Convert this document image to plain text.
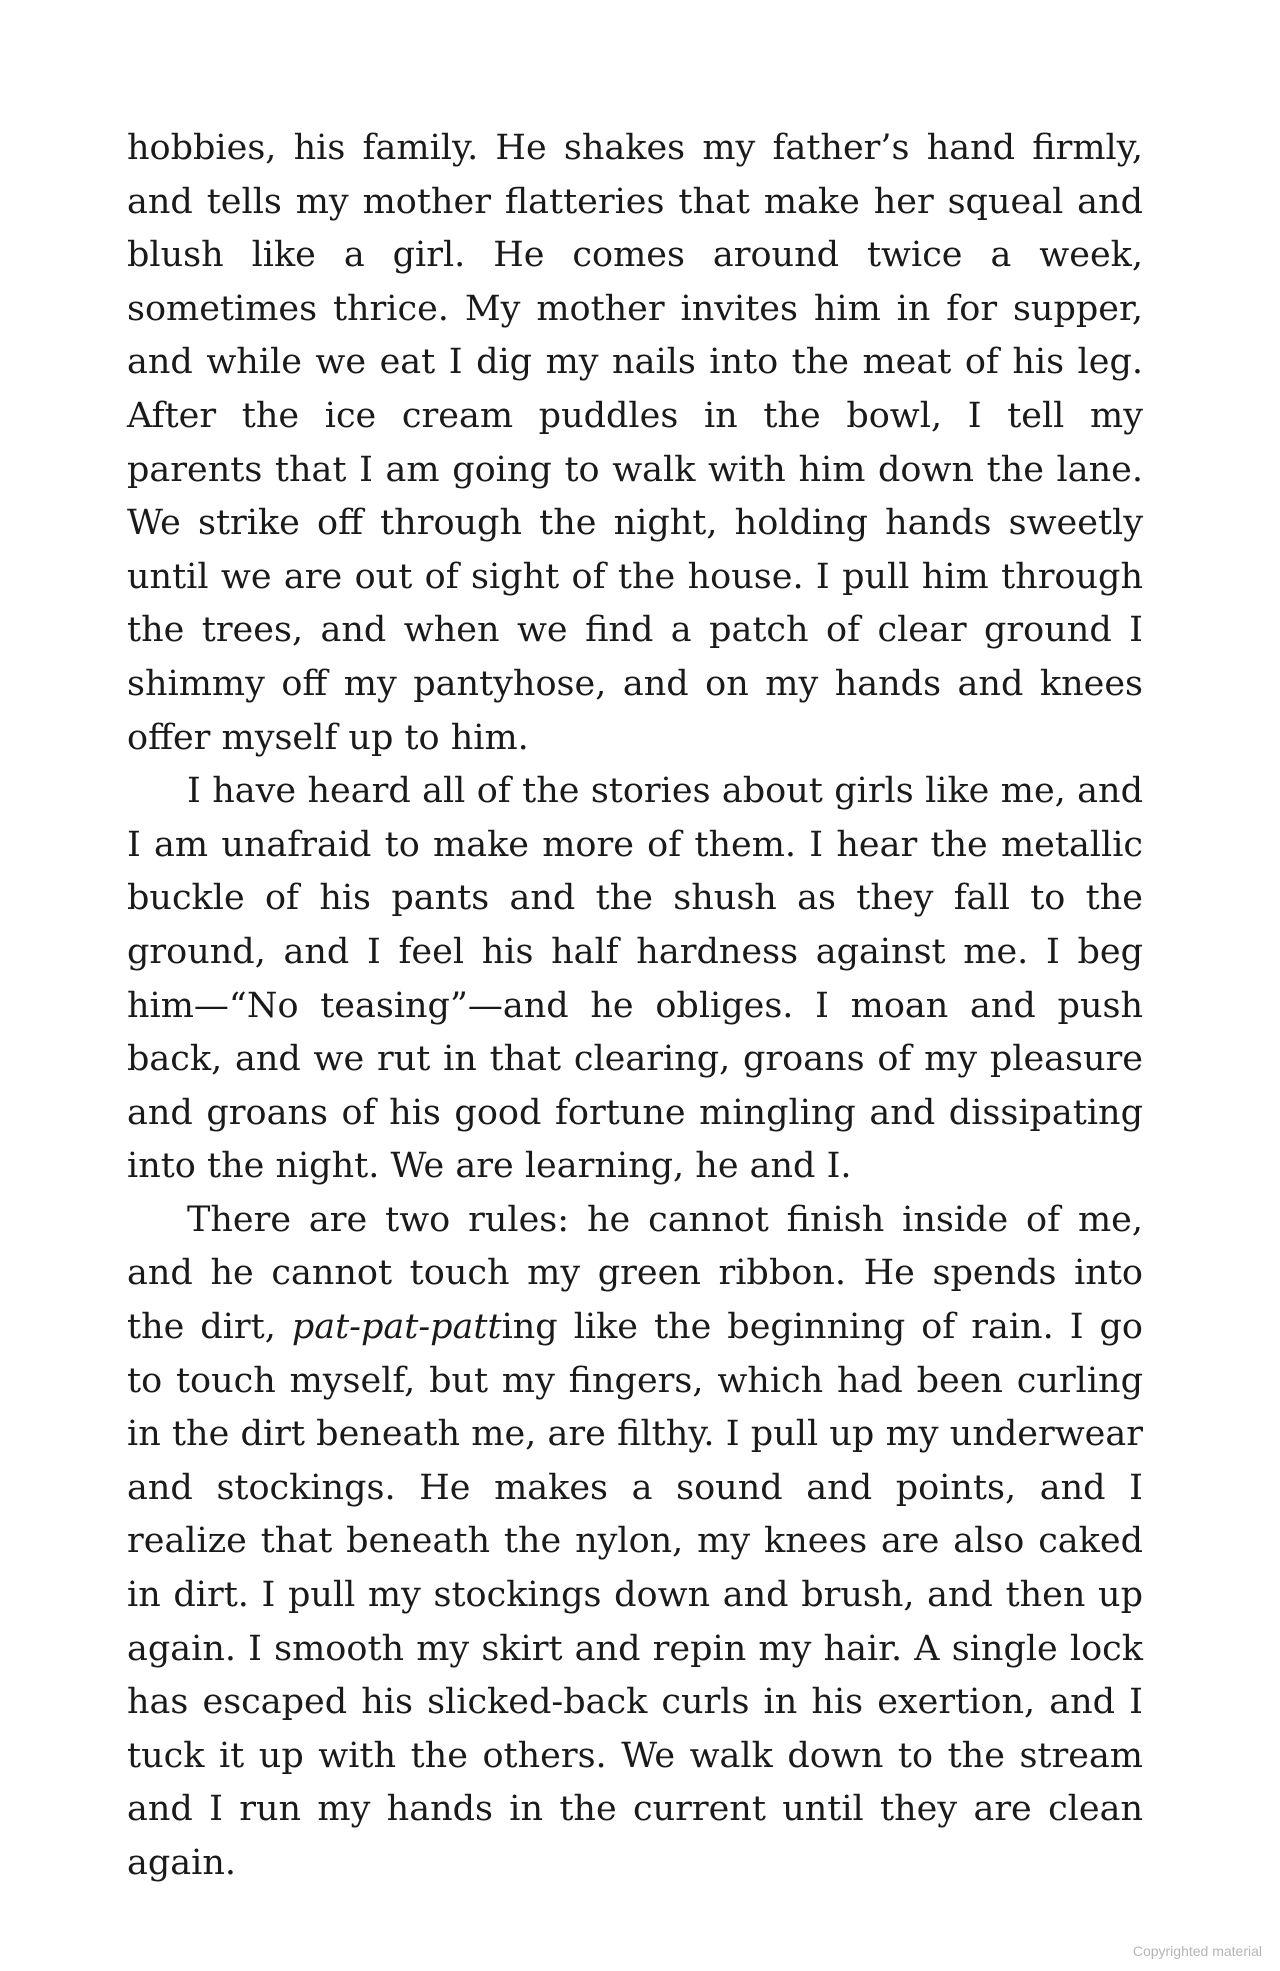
hobbies, his family. He shakes my father’s hand firmly, and tells my mother flatteries that make her squeal and blush like a girl. He comes around twice a week, sometimes thrice. My mother invites him in for supper, and while we eat I dig my nails into the meat of his leg. After the ice cream puddles in the bowl, I tell my parents that I am going to walk with him down the lane. We strike off through the night, holding hands sweetly until we are out of sight of the house. I pull him through the trees, and when we find a patch of clear ground I shimmy off my pantyhose, and on my hands and knees offer myself up to him.

I have heard all of the stories about girls like me, and I am unafraid to make more of them. I hear the metallic buckle of his pants and the shush as they fall to the ground, and I feel his half hardness against me. I beg him—“No teasing”—and he obliges. I moan and push back, and we rut in that clearing, groans of my pleasure and groans of his good fortune mingling and dissipating into the night. We are learning, he and I.

There are two rules: he cannot finish inside of me, and he cannot touch my green ribbon. He spends into the dirt, pat-pat-patting like the beginning of rain. I go to touch myself, but my fingers, which had been curling in the dirt beneath me, are filthy. I pull up my underwear and stockings. He makes a sound and points, and I realize that beneath the nylon, my knees are also caked in dirt. I pull my stockings down and brush, and then up again. I smooth my skirt and repin my hair. A single lock has escaped his slicked-back curls in his exertion, and I tuck it up with the others. We walk down to the stream and I run my hands in the current until they are clean again.

Copyrighted material
